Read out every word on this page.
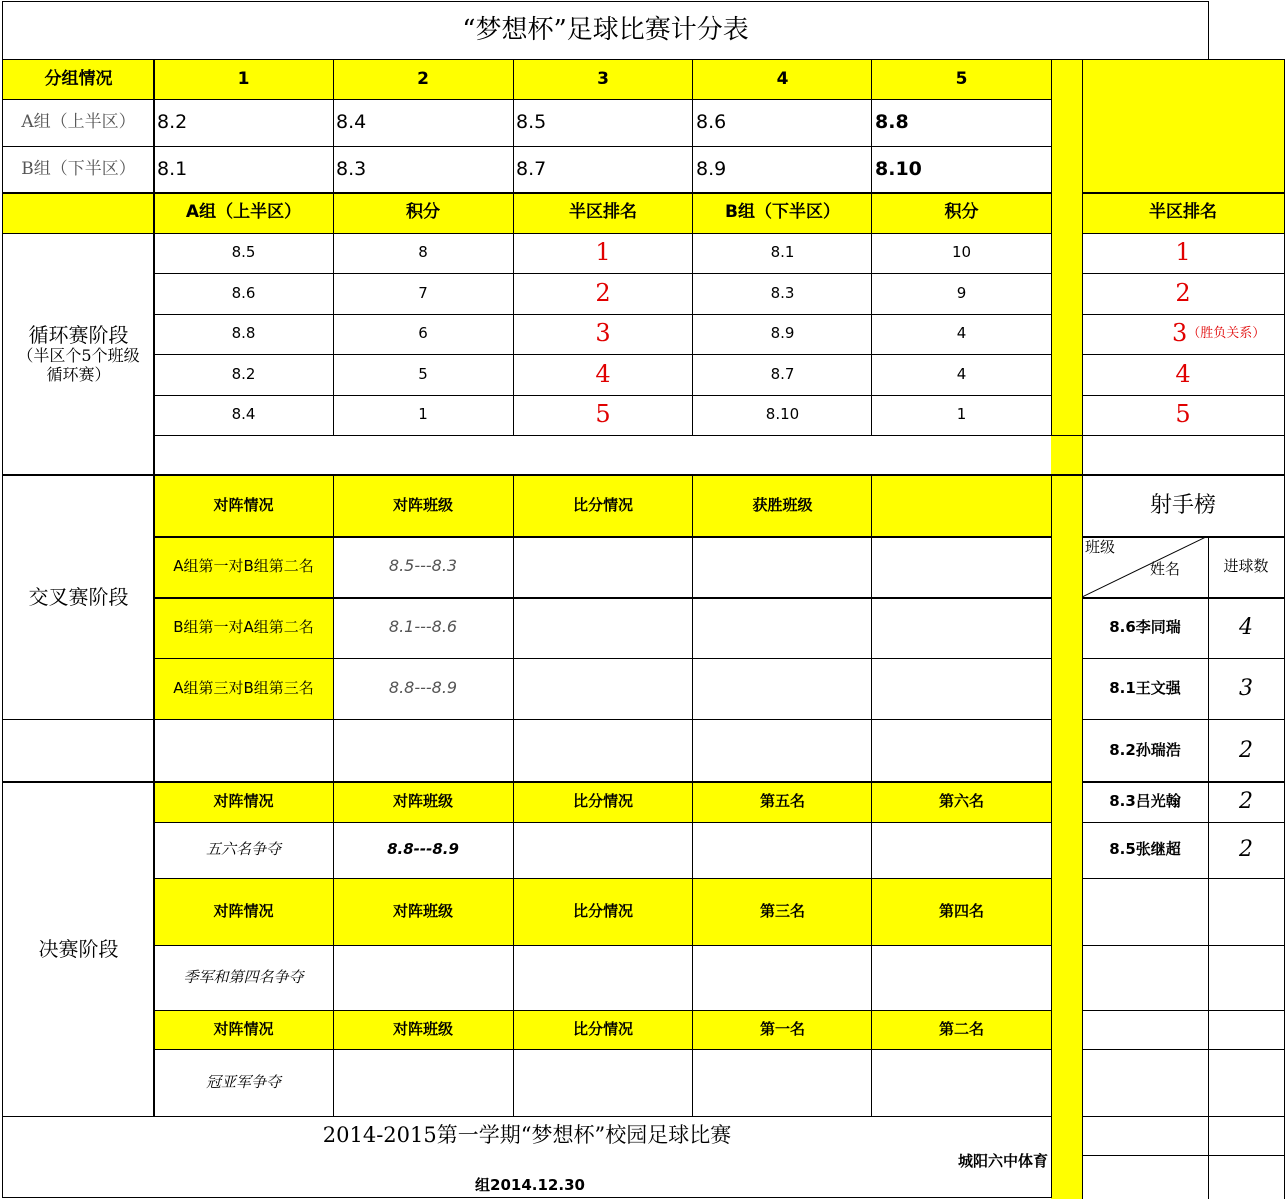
“梦想杯”足球比赛计分表
分组情况	1	2	3	4	5
A组（上半区）	8.2	8.4	8.5	8.6	8.8
B组（下半区）	8.1	8.3	8.7	8.9	8.10
A组（上半区）	积分	半区排名	B组（下半区）	积分	半区排名
循环赛阶段
（半区个5个班级
循环赛）
8.5	8	1	8.1	10	1
8.6	7	2	8.3	9	2
8.8	6	3	8.9	4	3 （胜负关系）
8.2	5	4	8.7	4	4
8.4	1	5	8.10	1	5
交叉赛阶段
对阵情况	对阵班级	比分情况	获胜班级
A组第一对B组第二名	8.5---8.3
B组第一对A组第二名	8.1---8.6
A组第三对B组第三名	8.8---8.9
射手榜
班级
姓名	进球数
8.6李同瑞	4
8.1王文强	3
8.2孙瑞浩	2
8.3吕光翰	2
8.5张继超	2
决赛阶段
对阵情况	对阵班级	比分情况	第五名	第六名
五六名争夺	8.8---8.9
对阵情况	对阵班级	比分情况	第三名	第四名
季军和第四名争夺
对阵情况	对阵班级	比分情况	第一名	第二名
冠亚军争夺
2014-2015第一学期“梦想杯”校园足球比赛
城阳六中体育
组2014.12.30
